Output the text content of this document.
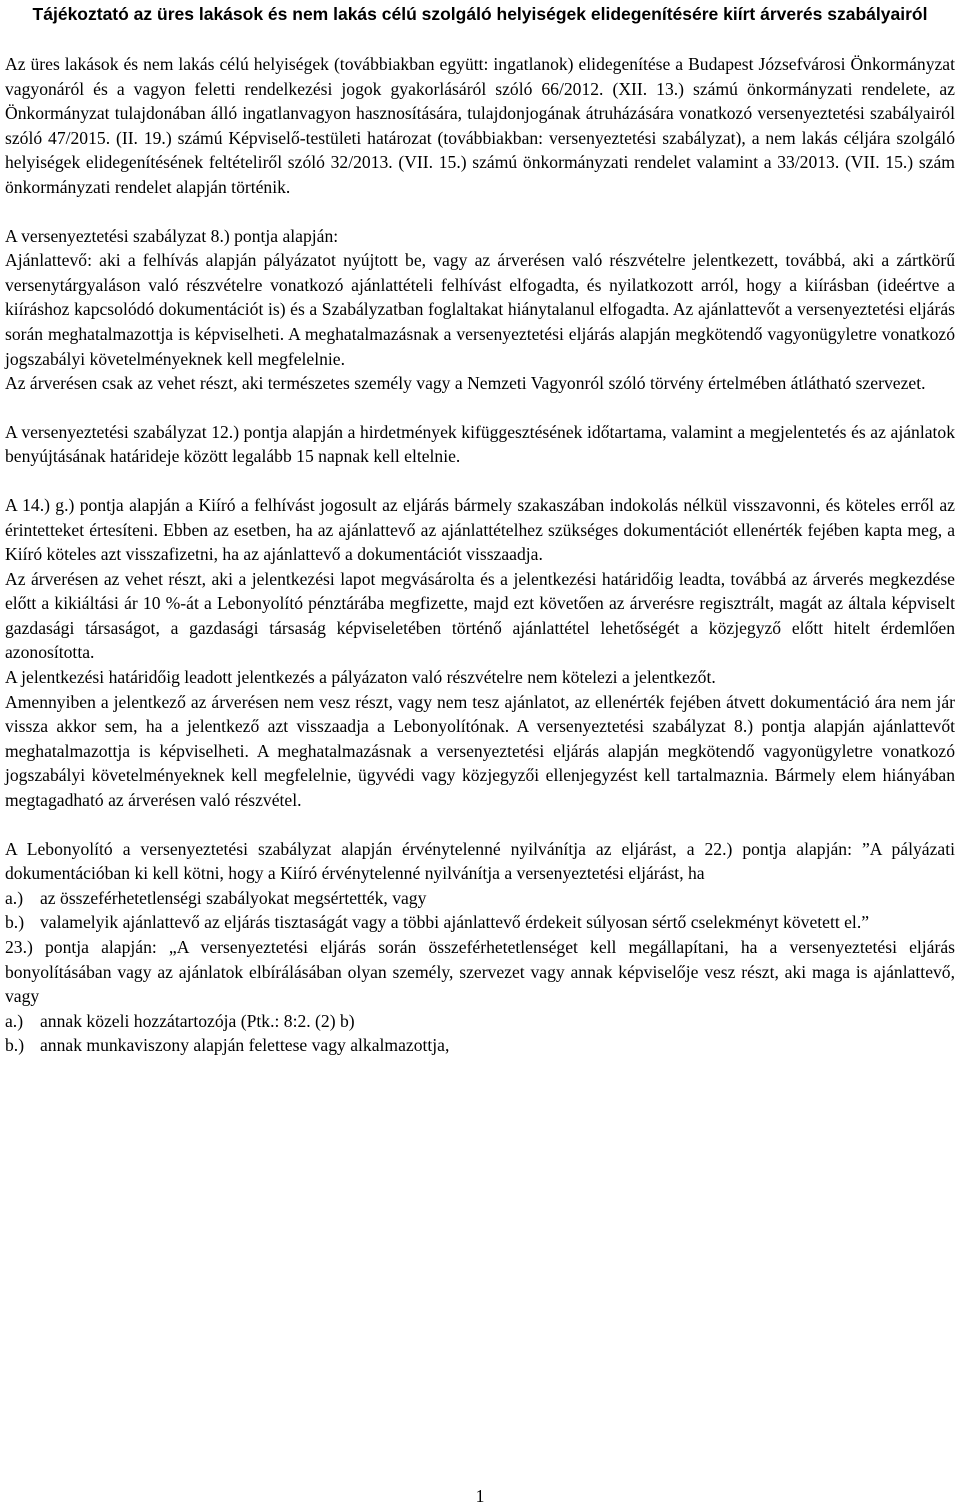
Tájékoztató az üres lakások és nem lakás célú szolgáló helyiségek elidegenítésére kiírt árverés szabályairól

Az üres lakások és nem lakás célú helyiségek (továbbiakban együtt: ingatlanok) elidegenítése a Budapest Józsefvárosi Önkormányzat vagyonáról és a vagyon feletti rendelkezési jogok gyakorlásáról szóló 66/2012. (XII. 13.) számú önkormányzati rendelete, az Önkormányzat tulajdonában álló ingatlanvagyon hasznosítására, tulajdonjogának átruházására vonatkozó versenyeztetési szabályairól szóló 47/2015. (II. 19.) számú Képviselő-testületi határozat (továbbiakban: versenyeztetési szabályzat), a nem lakás céljára szolgáló helyiségek elidegenítésének feltételiről szóló 32/2013. (VII. 15.) számú önkormányzati rendelet valamint a 33/2013. (VII. 15.) szám önkormányzati rendelet alapján történik.

A versenyeztetési szabályzat 8.) pontja alapján:

Ajánlattevő: aki a felhívás alapján pályázatot nyújtott be, vagy az árverésen való részvételre jelentkezett, továbbá, aki a zártkörű versenytárgyaláson való részvételre vonatkozó ajánlattételi felhívást elfogadta, és nyilatkozott arról, hogy a kiírásban (ideértve a kiíráshoz kapcsolódó dokumentációt is) és a Szabályzatban foglaltakat hiánytalanul elfogadta. Az ajánlattevőt a versenyeztetési eljárás során meghatalmazottja is képviselheti. A meghatalmazásnak a versenyeztetési eljárás alapján megkötendő vagyonügyletre vonatkozó jogszabályi követelményeknek kell megfelelnie.

Az árverésen csak az vehet részt, aki természetes személy vagy a Nemzeti Vagyonról szóló törvény értelmében átlátható szervezet.

A versenyeztetési szabályzat 12.) pontja alapján a hirdetmények kifüggesztésének időtartama, valamint a megjelentetés és az ajánlatok benyújtásának határideje között legalább 15 napnak kell eltelnie.

A 14.) g.) pontja alapján a Kiíró a felhívást jogosult az eljárás bármely szakaszában indokolás nélkül visszavonni, és köteles erről az érintetteket értesíteni. Ebben az esetben, ha az ajánlattevő az ajánlattételhez szükséges dokumentációt ellenérték fejében kapta meg, a Kiíró köteles azt visszafizetni, ha az ajánlattevő a dokumentációt visszaadja.

Az árverésen az vehet részt, aki a jelentkezési lapot megvásárolta és a jelentkezési határidőig leadta, továbbá az árverés megkezdése előtt a kikiáltási ár 10 %-át a Lebonyolító pénztárába megfizette, majd ezt követően az árverésre regisztrált, magát az általa képviselt gazdasági társaságot, a gazdasági társaság képviseletében történő ajánlattétel lehetőségét a közjegyző előtt hitelt érdemlően azonosította.

A jelentkezési határidőig leadott jelentkezés a pályázaton való részvételre nem kötelezi a jelentkezőt.

Amennyiben a jelentkező az árverésen nem vesz részt, vagy nem tesz ajánlatot, az ellenérték fejében átvett dokumentáció ára nem jár vissza akkor sem, ha a jelentkező azt visszaadja a Lebonyolítónak. A versenyeztetési szabályzat 8.) pontja alapján ajánlattevőt meghatalmazottja is képviselheti. A meghatalmazásnak a versenyeztetési eljárás alapján megkötendő vagyonügyletre vonatkozó jogszabályi követelményeknek kell megfelelnie, ügyvédi vagy közjegyzői ellenjegyzést kell tartalmaznia. Bármely elem hiányában megtagadható az árverésen való részvétel.

A Lebonyolító a versenyeztetési szabályzat alapján érvénytelenné nyilvánítja az eljárást, a 22.) pontja alapján: ”A pályázati dokumentációban ki kell kötni, hogy a Kiíró érvénytelenné nyilvánítja a versenyeztetési eljárást, ha

a.) az összeférhetetlenségi szabályokat megsértették, vagy
b.) valamelyik ajánlattevő az eljárás tisztaságát vagy a többi ajánlattevő érdekeit súlyosan sértő cselekményt követett el.”

23.) pontja alapján: „A versenyeztetési eljárás során összeférhetetlenséget kell megállapítani, ha a versenyeztetési eljárás bonyolításában vagy az ajánlatok elbírálásában olyan személy, szervezet vagy annak képviselője vesz részt, aki maga is ajánlattevő, vagy

a.) annak közeli hozzátartozója (Ptk.: 8:2. (2) b)
b.) annak munkaviszony alapján felettese vagy alkalmazottja,
1
